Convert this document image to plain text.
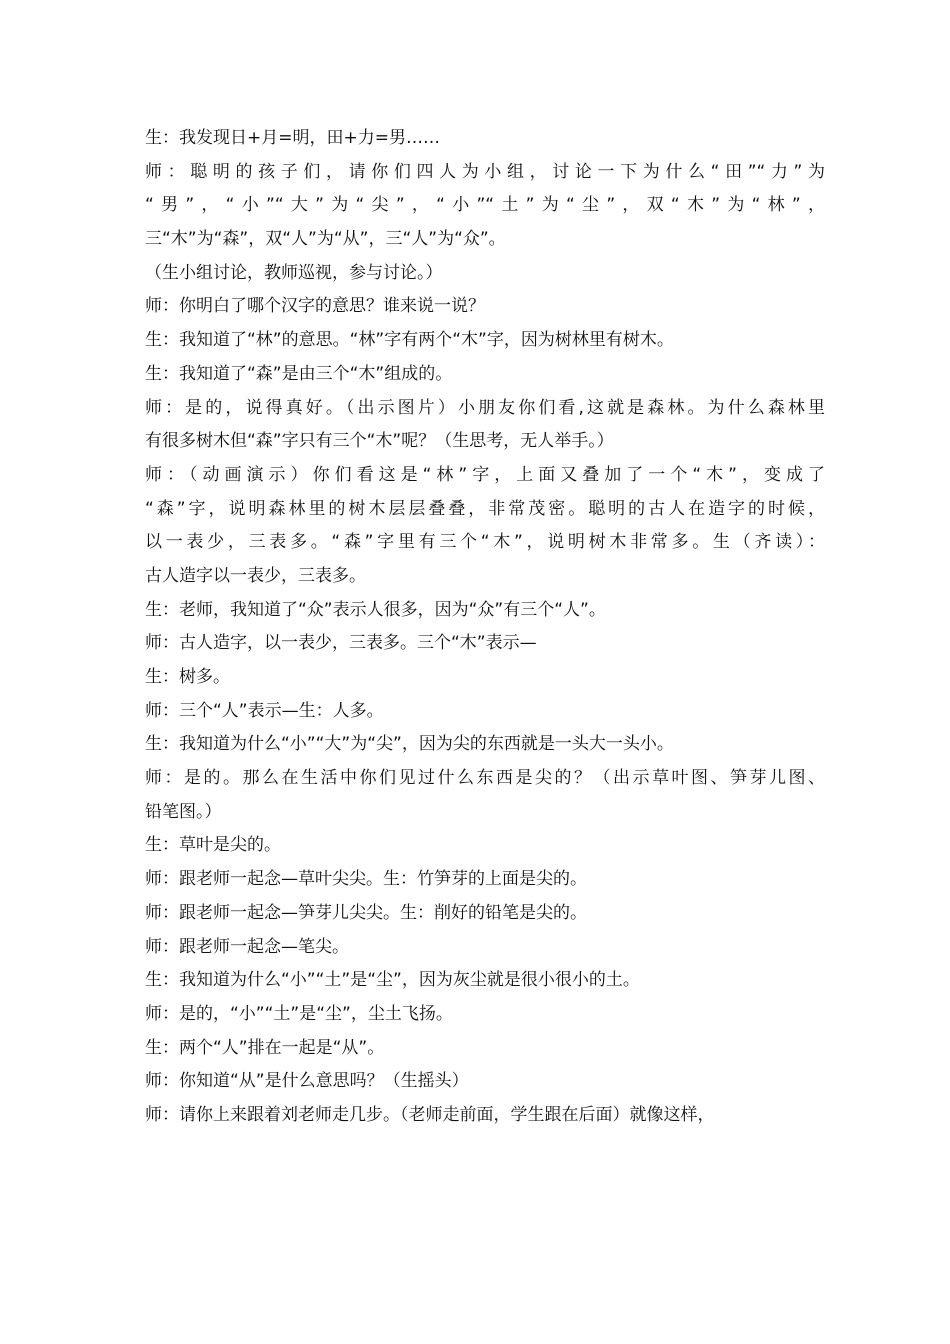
生：我发现日+月=明，田+力=男……
师：聪明的孩子们，请你们四人为小组，讨论一下为什么“田”“力”为
“男”，“小”“大”为“尖”，“小”“土”为“尘”，双“木”为“林”，
三“木”为“森”，双“人”为“从”，三“人”为“众”。
（生小组讨论，教师巡视，参与讨论。）
师：你明白了哪个汉字的意思？谁来说一说？
生：我知道了“林”的意思。“林”字有两个“木”字，因为树林里有树木。
生：我知道了“森”是由三个“木”组成的。
师：是的，说得真好。（出示图片）小朋友你们看,这就是森林。为什么森林里
有很多树木但“森”字只有三个“木”呢？（生思考，无人举手。）
师：（动画演示）你们看这是“林”字，上面又叠加了一个“木”，变成了
“森”字，说明森林里的树木层层叠叠，非常茂密。聪明的古人在造字的时候，
以一表少，三表多。“森”字里有三个“木”，说明树木非常多。生（齐读）：
古人造字以一表少，三表多。
生：老师，我知道了“众”表示人很多，因为“众”有三个“人”。
师：古人造字，以一表少，三表多。三个“木”表示—
生：树多。
师：三个“人”表示—生：人多。
生：我知道为什么“小”“大”为“尖”，因为尖的东西就是一头大一头小。
师：是的。那么在生活中你们见过什么东西是尖的？（出示草叶图、笋芽儿图、
铅笔图。）
生：草叶是尖的。
师：跟老师一起念—草叶尖尖。生：竹笋芽的上面是尖的。
师：跟老师一起念—笋芽儿尖尖。生：削好的铅笔是尖的。
师：跟老师一起念—笔尖。
生：我知道为什么“小”“土”是“尘”，因为灰尘就是很小很小的土。
师：是的，“小”“土”是“尘”，尘土飞扬。
生：两个“人”排在一起是“从”。
师：你知道“从”是什么意思吗？（生摇头）
师：请你上来跟着刘老师走几步。（老师走前面，学生跟在后面）就像这样，
